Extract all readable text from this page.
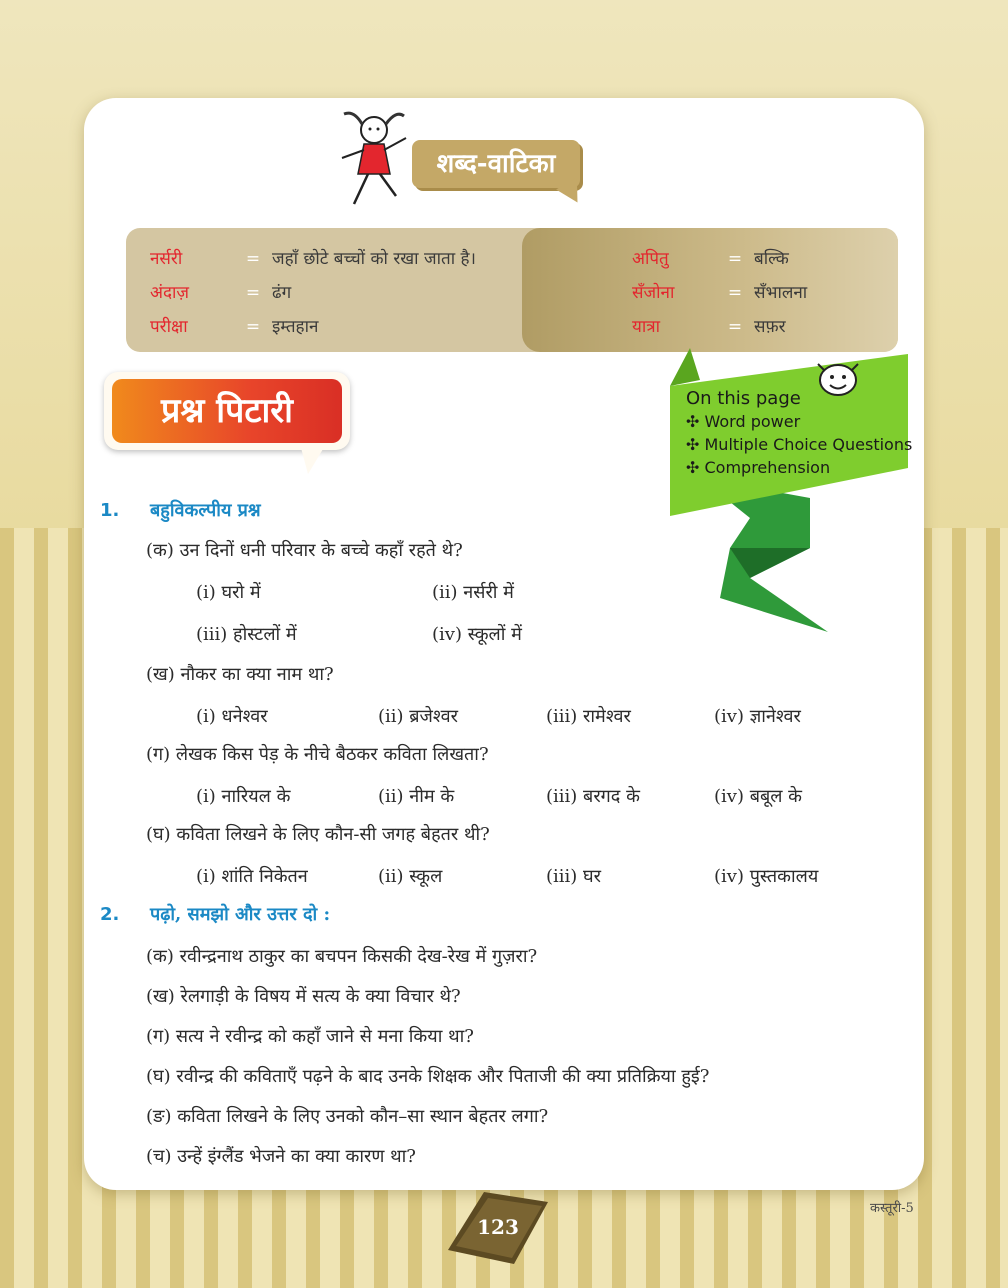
शब्द-वाटिका
नर्सरी	= जहाँ छोटे बच्चों को रखा जाता है।
अंदाज़	= ढंग
परीक्षा	= इम्तहान
अपितु	= बल्कि
सँजोना	= सँभालना
यात्रा	= सफ़र
प्रश्न पिटारी	On this page
✣ Word power
✣ Multiple Choice Questions
✣ Comprehension
1. बहुविकल्पीय प्रश्न
(क) उन दिनों धनी परिवार के बच्चे कहाँ रहते थे?
(i) घरो में	(ii) नर्सरी में
(iii) होस्टलों में	(iv) स्कूलों में
(ख) नौकर का क्या नाम था?
(i) धनेश्वर	(ii) ब्रजेश्वर	(iii) रामेश्वर	(iv) ज्ञानेश्वर
(ग) लेखक किस पेड़ के नीचे बैठकर कविता लिखता?
(i) नारियल के	(ii) नीम के	(iii) बरगद के	(iv) बबूल के
(घ) कविता लिखने के लिए कौन-सी जगह बेहतर थी?
(i) शांति निकेतन	(ii) स्कूल	(iii) घर	(iv) पुस्तकालय
2. पढ़ो, समझो और उत्तर दो :
(क) रवीन्द्रनाथ ठाकुर का बचपन किसकी देख-रेख में गुज़रा?
(ख) रेलगाड़ी के विषय में सत्य के क्या विचार थे?
(ग) सत्य ने रवीन्द्र को कहाँ जाने से मना किया था?
(घ) रवीन्द्र की कविताएँ पढ़ने के बाद उनके शिक्षक और पिताजी की क्या प्रतिक्रिया हुई?
(ङ) कविता लिखने के लिए उनको कौन–सा स्थान बेहतर लगा?
(च) उन्हें इंग्लैंड भेजने का क्या कारण था?
123
कस्तूरी-5
